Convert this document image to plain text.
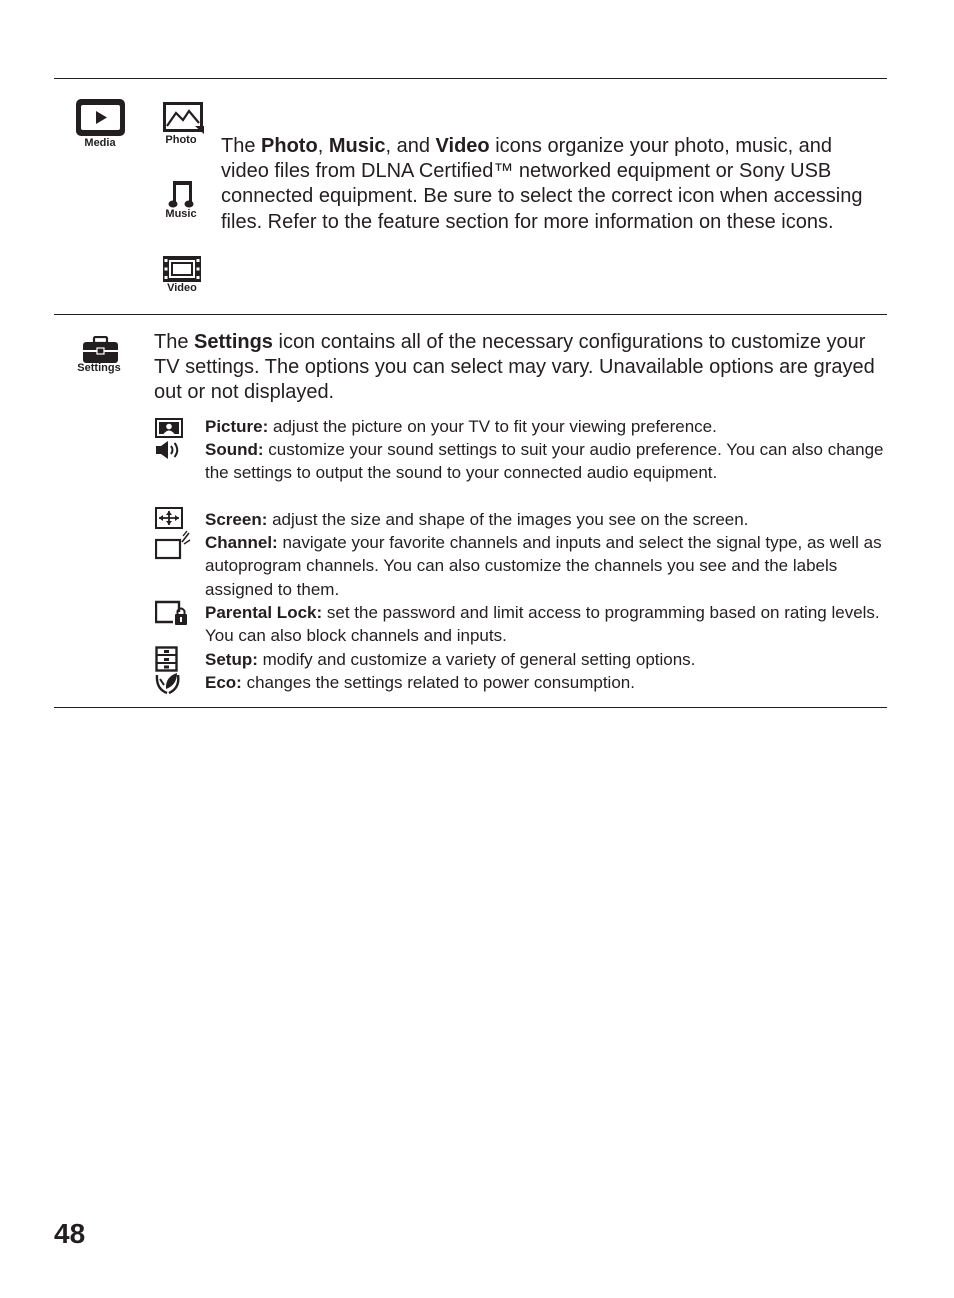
Media	Photo
Music
Video
The Photo, Music, and Video icons organize your photo, music, and video files from DLNA Certified™ networked equipment or Sony USB connected equipment. Be sure to select the correct icon when accessing files. Refer to the feature section for more information on these icons.
Settings
The Settings icon contains all of the necessary configurations to customize your TV settings. The options you can select may vary. Unavailable options are grayed out or not displayed.
Picture: adjust the picture on your TV to fit your viewing preference.
Sound: customize your sound settings to suit your audio preference. You can also change the settings to output the sound to your connected audio equipment.
Screen: adjust the size and shape of the images you see on the screen.
Channel: navigate your favorite channels and inputs and select the signal type, as well as autoprogram channels. You can also customize the channels you see and the labels assigned to them.
Parental Lock: set the password and limit access to programming based on rating levels. You can also block channels and inputs.
Setup: modify and customize a variety of general setting options.
Eco: changes the settings related to power consumption.
48
